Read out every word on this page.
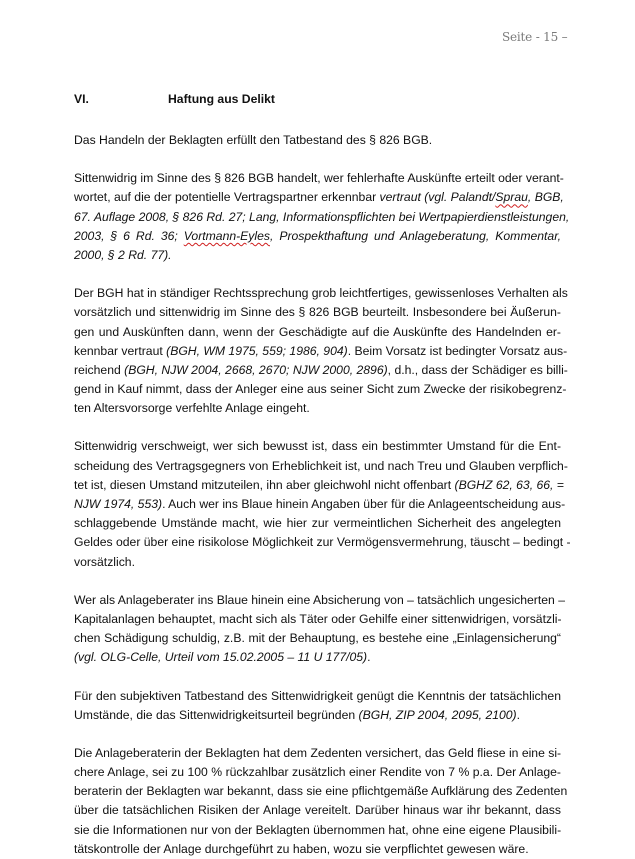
Seite - 15 –
VI.	Haftung aus Delikt
Das Handeln der Beklagten erfüllt den Tatbestand des § 826 BGB.
Sittenwidrig im Sinne des § 826 BGB handelt, wer fehlerhafte Auskünfte erteilt oder verant-
wortet, auf die der potentielle Vertragspartner erkennbar vertraut (vgl. Palandt/Sprau, BGB,
67. Auflage 2008, § 826 Rd. 27; Lang, Informationspflichten bei Wertpapierdienstleistungen,
2003, § 6 Rd. 36; Vortmann-Eyles, Prospekthaftung und Anlageberatung, Kommentar,
2000, § 2 Rd. 77).
Der BGH hat in ständiger Rechtssprechung grob leichtfertiges, gewissenloses Verhalten als
vorsätzlich und sittenwidrig im Sinne des § 826 BGB beurteilt. Insbesondere bei Äußerun-
gen und Auskünften dann, wenn der Geschädigte auf die Auskünfte des Handelnden er-
kennbar vertraut (BGH, WM 1975, 559; 1986, 904). Beim Vorsatz ist bedingter Vorsatz aus-
reichend (BGH, NJW 2004, 2668, 2670; NJW 2000, 2896), d.h., dass der Schädiger es billi-
gend in Kauf nimmt, dass der Anleger eine aus seiner Sicht zum Zwecke der risikobegrenz-
ten Altersvorsorge verfehlte Anlage eingeht.
Sittenwidrig verschweigt, wer sich bewusst ist, dass ein bestimmter Umstand für die Ent-
scheidung des Vertragsgegners von Erheblichkeit ist, und nach Treu und Glauben verpflich-
tet ist, diesen Umstand mitzuteilen, ihn aber gleichwohl nicht offenbart (BGHZ 62, 63, 66, =
NJW 1974, 553). Auch wer ins Blaue hinein Angaben über für die Anlageentscheidung aus-
schlaggebende Umstände macht, wie hier zur vermeintlichen Sicherheit des angelegten
Geldes oder über eine risikolose Möglichkeit zur Vermögensvermehrung, täuscht – bedingt -
vorsätzlich.
Wer als Anlageberater ins Blaue hinein eine Absicherung von – tatsächlich ungesicherten –
Kapitalanlagen behauptet, macht sich als Täter oder Gehilfe einer sittenwidrigen, vorsätzli-
chen Schädigung schuldig, z.B. mit der Behauptung, es bestehe eine „Einlagensicherung“
(vgl. OLG-Celle, Urteil vom 15.02.2005 – 11 U 177/05).
Für den subjektiven Tatbestand des Sittenwidrigkeit genügt die Kenntnis der tatsächlichen
Umstände, die das Sittenwidrigkeitsurteil begründen (BGH, ZIP 2004, 2095, 2100).
Die Anlageberaterin der Beklagten hat dem Zedenten versichert, das Geld fliese in eine si-
chere Anlage, sei zu 100 % rückzahlbar zusätzlich einer Rendite von 7 % p.a. Der Anlage-
beraterin der Beklagten war bekannt, dass sie eine pflichtgemäße Aufklärung des Zedenten
über die tatsächlichen Risiken der Anlage vereitelt. Darüber hinaus war ihr bekannt, dass
sie die Informationen nur von der Beklagten übernommen hat, ohne eine eigene Plausibili-
tätskontrolle der Anlage durchgeführt zu haben, wozu sie verpflichtet gewesen wäre.
